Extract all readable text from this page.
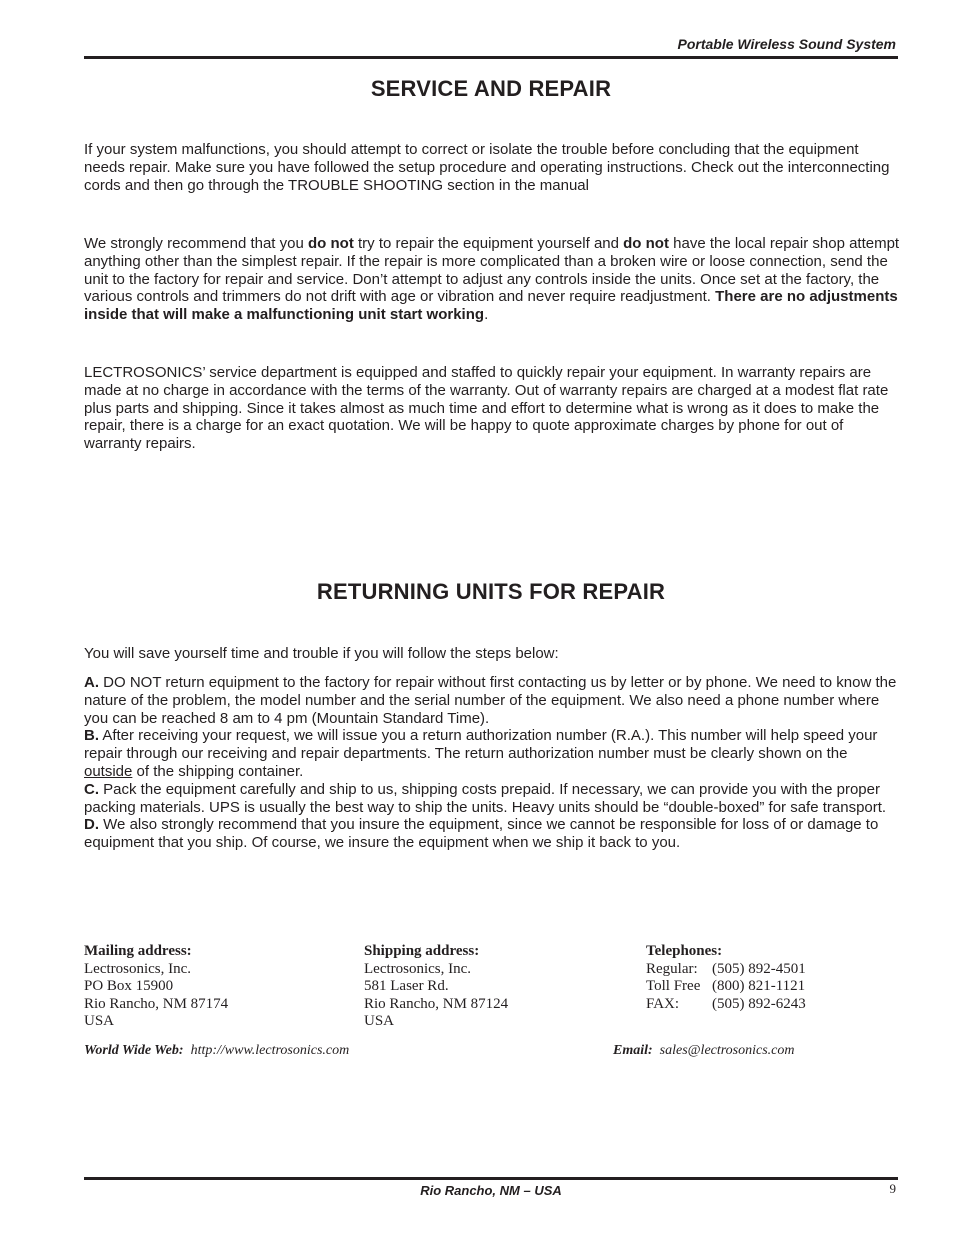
Portable Wireless Sound System
SERVICE AND REPAIR

If your system malfunctions, you should attempt to correct or isolate the trouble before concluding that the equipment needs repair. Make sure you have followed the setup procedure and operating instructions. Check out the interconnecting cords and then go through the TROUBLE SHOOTING section in the manual

We strongly recommend that you do not try to repair the equipment yourself and do not have the local repair shop attempt anything other than the simplest repair. If the repair is more complicated than a broken wire or loose connection, send the unit to the factory for repair and service. Don’t attempt to adjust any controls inside the units. Once set at the factory, the various controls and trimmers do not drift with age or vibration and never require readjustment. There are no adjustments inside that will make a malfunctioning unit start working.

LECTROSONICS’ service department is equipped and staffed to quickly repair your equipment. In warranty repairs are made at no charge in accordance with the terms of the warranty. Out of warranty repairs are charged at a modest flat rate plus parts and shipping. Since it takes almost as much time and effort to determine what is wrong as it does to make the repair, there is a charge for an exact quotation. We will be happy to quote approximate charges by phone for out of warranty repairs.

RETURNING UNITS FOR REPAIR

You will save yourself time and trouble if you will follow the steps below:

A. DO NOT return equipment to the factory for repair without first contacting us by letter or by phone. We need to know the nature of the problem, the model number and the serial number of the equipment. We also need a phone number where you can be reached 8 am to 4 pm (Mountain Standard Time).

B. After receiving your request, we will issue you a return authorization number (R.A.). This number will help speed your repair through our receiving and repair departments. The return authorization number must be clearly shown on the outside of the shipping container.

C. Pack the equipment carefully and ship to us, shipping costs prepaid. If necessary, we can provide you with the proper packing materials. UPS is usually the best way to ship the units. Heavy units should be “double-boxed” for safe transport.

D. We also strongly recommend that you insure the equipment, since we cannot be responsible for loss of or damage to equipment that you ship. Of course, we insure the equipment when we ship it back to you.

Mailing address:
Lectrosonics, Inc.
PO Box 15900
Rio Rancho, NM 87174
USA
Shipping address:
Lectrosonics, Inc.
581 Laser Rd.
Rio Rancho, NM 87124
USA
Telephones:
Regular: (505) 892-4501
Toll Free (800) 821-1121
FAX:	(505) 892-6243
World Wide Web: http://www.lectrosonics.com	Email: sales@lectrosonics.com
Rio Rancho, NM – USA	9
